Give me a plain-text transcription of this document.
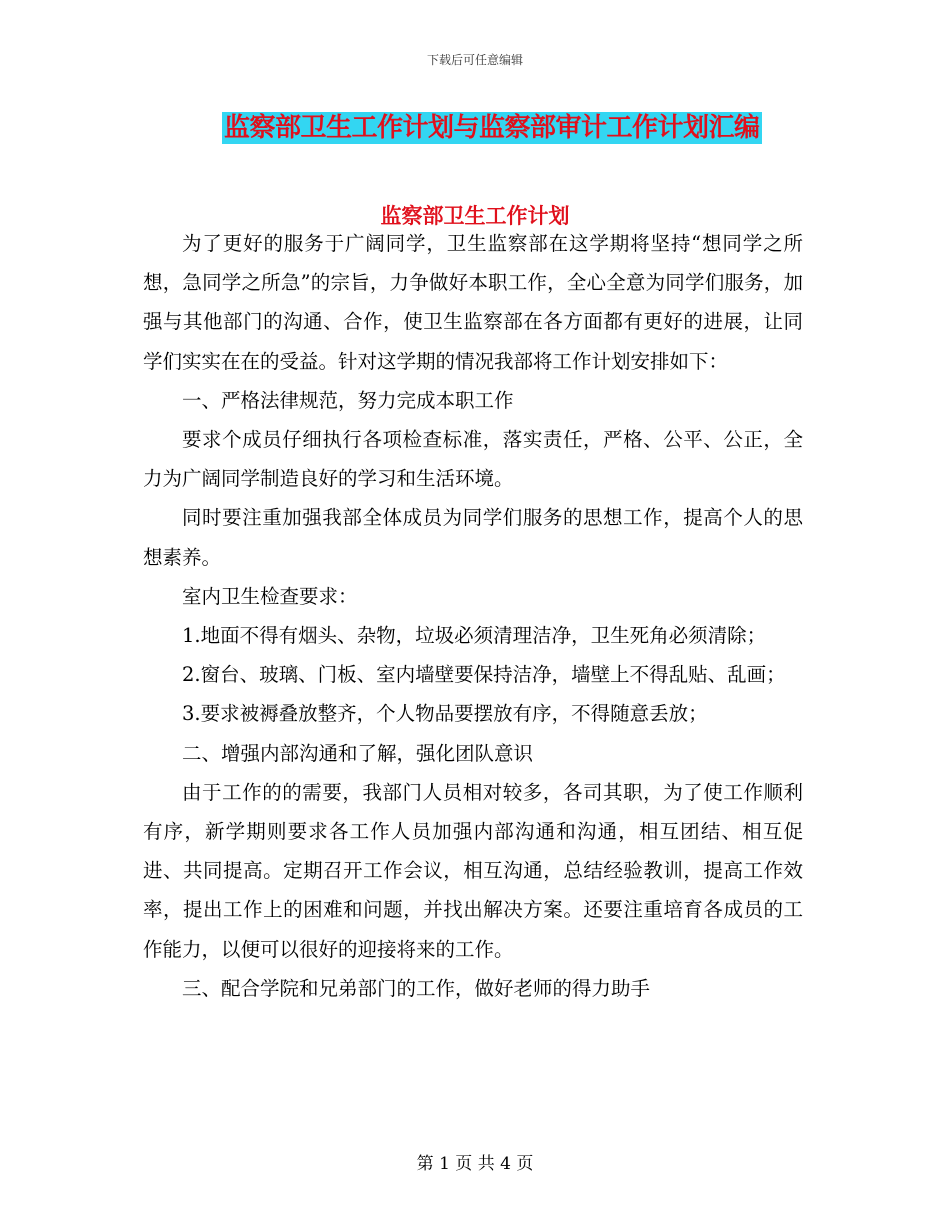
下载后可任意编辑
监察部卫生工作计划与监察部审计工作计划汇编
监察部卫生工作计划

为了更好的服务于广阔同学，卫生监察部在这学期将坚持“想同学之所想，急同学之所急”的宗旨，力争做好本职工作，全心全意为同学们服务，加强与其他部门的沟通、合作，使卫生监察部在各方面都有更好的进展，让同学们实实在在的受益。针对这学期的情况我部将工作计划安排如下：

一、严格法律规范，努力完成本职工作

要求个成员仔细执行各项检查标准，落实责任，严格、公平、公正，全力为广阔同学制造良好的学习和生活环境。

同时要注重加强我部全体成员为同学们服务的思想工作，提高个人的思想素养。

室内卫生检查要求：

1.地面不得有烟头、杂物，垃圾必须清理洁净，卫生死角必须清除；

2.窗台、玻璃、门板、室内墙壁要保持洁净，墙壁上不得乱贴、乱画；

3.要求被褥叠放整齐，个人物品要摆放有序，不得随意丢放；

二、增强内部沟通和了解，强化团队意识

由于工作的的需要，我部门人员相对较多，各司其职，为了使工作顺利有序，新学期则要求各工作人员加强内部沟通和沟通，相互团结、相互促进、共同提高。定期召开工作会议，相互沟通，总结经验教训，提高工作效率，提出工作上的困难和问题，并找出解决方案。还要注重培育各成员的工作能力，以便可以很好的迎接将来的工作。

三、配合学院和兄弟部门的工作，做好老师的得力助手

第 1 页 共 4 页
